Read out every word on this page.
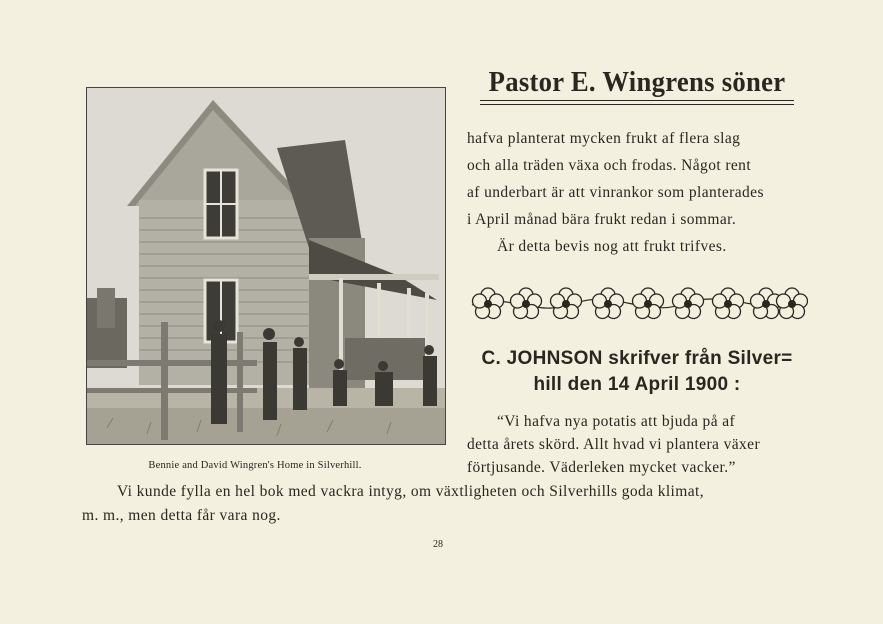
Bennie and David Wingren's Home in Silverhill.
Pastor E. Wingrens söner
hafva planterat mycken frukt af flera slag
och alla träden växa och frodas. Något rent
af underbart är att vinrankor som planterades
i April månad bära frukt redan i sommar.
Är detta bevis nog att frukt trifves.
C. JOHNSON skrifver från Silver=
hill den 14 April 1900 :
“Vi hafva nya potatis att bjuda på af
detta årets skörd. Allt hvad vi plantera växer
förtjusande. Väderleken mycket vacker.”
Vi kunde fylla en hel bok med vackra intyg, om växtligheten och Silverhills goda klimat,
m. m., men detta får vara nog.
28
